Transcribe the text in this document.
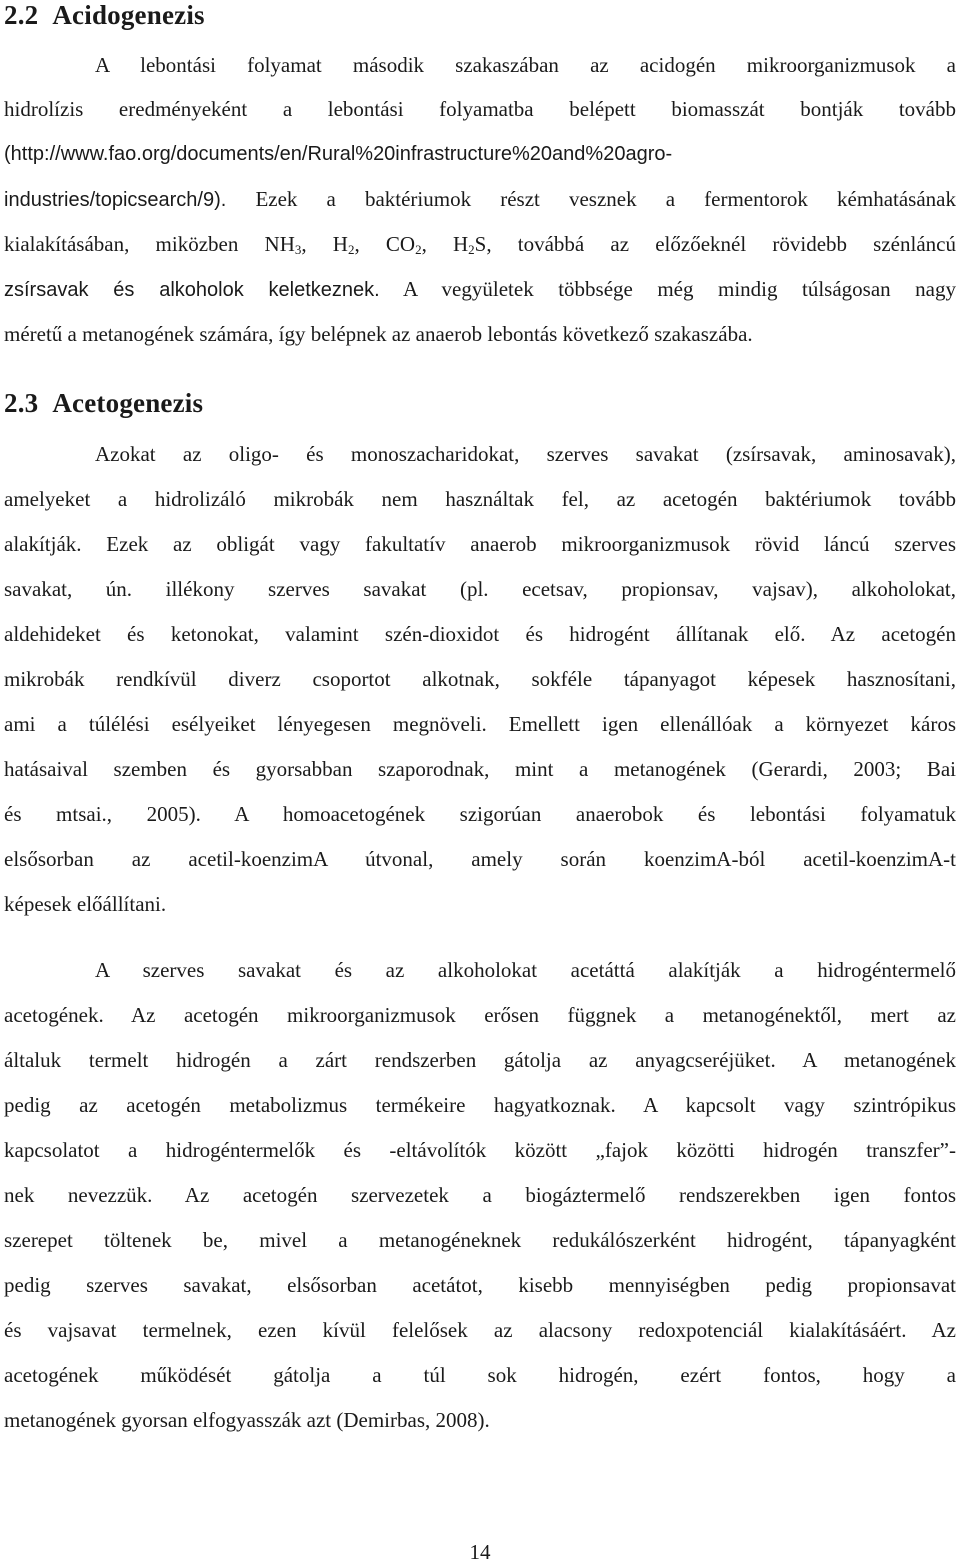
2.2 Acidogenezis

A lebontási folyamat második szakaszában az acidogén mikroorganizmusok a

hidrolízis eredményeként a lebontási folyamatba belépett biomasszát bontják tovább

(http://www.fao.org/documents/en/Rural%20infrastructure%20and%20agro-

industries/topicsearch/9). Ezek a baktériumok részt vesznek a fermentorok kémhatásának

kialakításában, miközben $NH_3$, $H_2$, $CO_2$, $H_2S$, továbbá az előzőeknél rövidebb szénláncú

zsírsavak és alkoholok keletkeznek. A vegyületek többsége még mindig túlságosan nagy

méretű a metanogének számára, így belépnek az anaerob lebontás következő szakaszába.

2.3 Acetogenezis

Azokat az oligo- és monoszacharidokat, szerves savakat (zsírsavak, aminosavak),

amelyeket a hidrolizáló mikrobák nem használtak fel, az acetogén baktériumok tovább

alakítják. Ezek az obligát vagy fakultatív anaerob mikroorganizmusok rövid láncú szerves

savakat, ún. illékony szerves savakat (pl. ecetsav, propionsav, vajsav), alkoholokat,

aldehideket és ketonokat, valamint szén-dioxidot és hidrogént állítanak elő. Az acetogén

mikrobák rendkívül diverz csoportot alkotnak, sokféle tápanyagot képesek hasznosítani,

ami a túlélési esélyeiket lényegesen megnöveli. Emellett igen ellenállóak a környezet káros

hatásaival szemben és gyorsabban szaporodnak, mint a metanogének (Gerardi, 2003; Bai

és mtsai., 2005). A homoacetogének szigorúan anaerobok és lebontási folyamatuk

elsősorban az acetil-koenzimA útvonal, amely során koenzimA-ból acetil-koenzimA-t

képesek előállítani.

A szerves savakat és az alkoholokat acetáttá alakítják a hidrogéntermelő

acetogének. Az acetogén mikroorganizmusok erősen függnek a metanogénektől, mert az

általuk termelt hidrogén a zárt rendszerben gátolja az anyagcseréjüket. A metanogének

pedig az acetogén metabolizmus termékeire hagyatkoznak. A kapcsolt vagy szintrópikus

kapcsolatot a hidrogéntermelők és -eltávolítók között „fajok közötti hidrogén transzfer”-

nek nevezzük. Az acetogén szervezetek a biogáztermelő rendszerekben igen fontos

szerepet töltenek be, mivel a metanogéneknek redukálószerként hidrogént, tápanyagként

pedig szerves savakat, elsősorban acetátot, kisebb mennyiségben pedig propionsavat

és vajsavat termelnek, ezen kívül felelősek az alacsony redoxpotenciál kialakításáért. Az

acetogének működését gátolja a túl sok hidrogén, ezért fontos, hogy a

metanogének gyorsan elfogyasszák azt (Demirbas, 2008).

14
